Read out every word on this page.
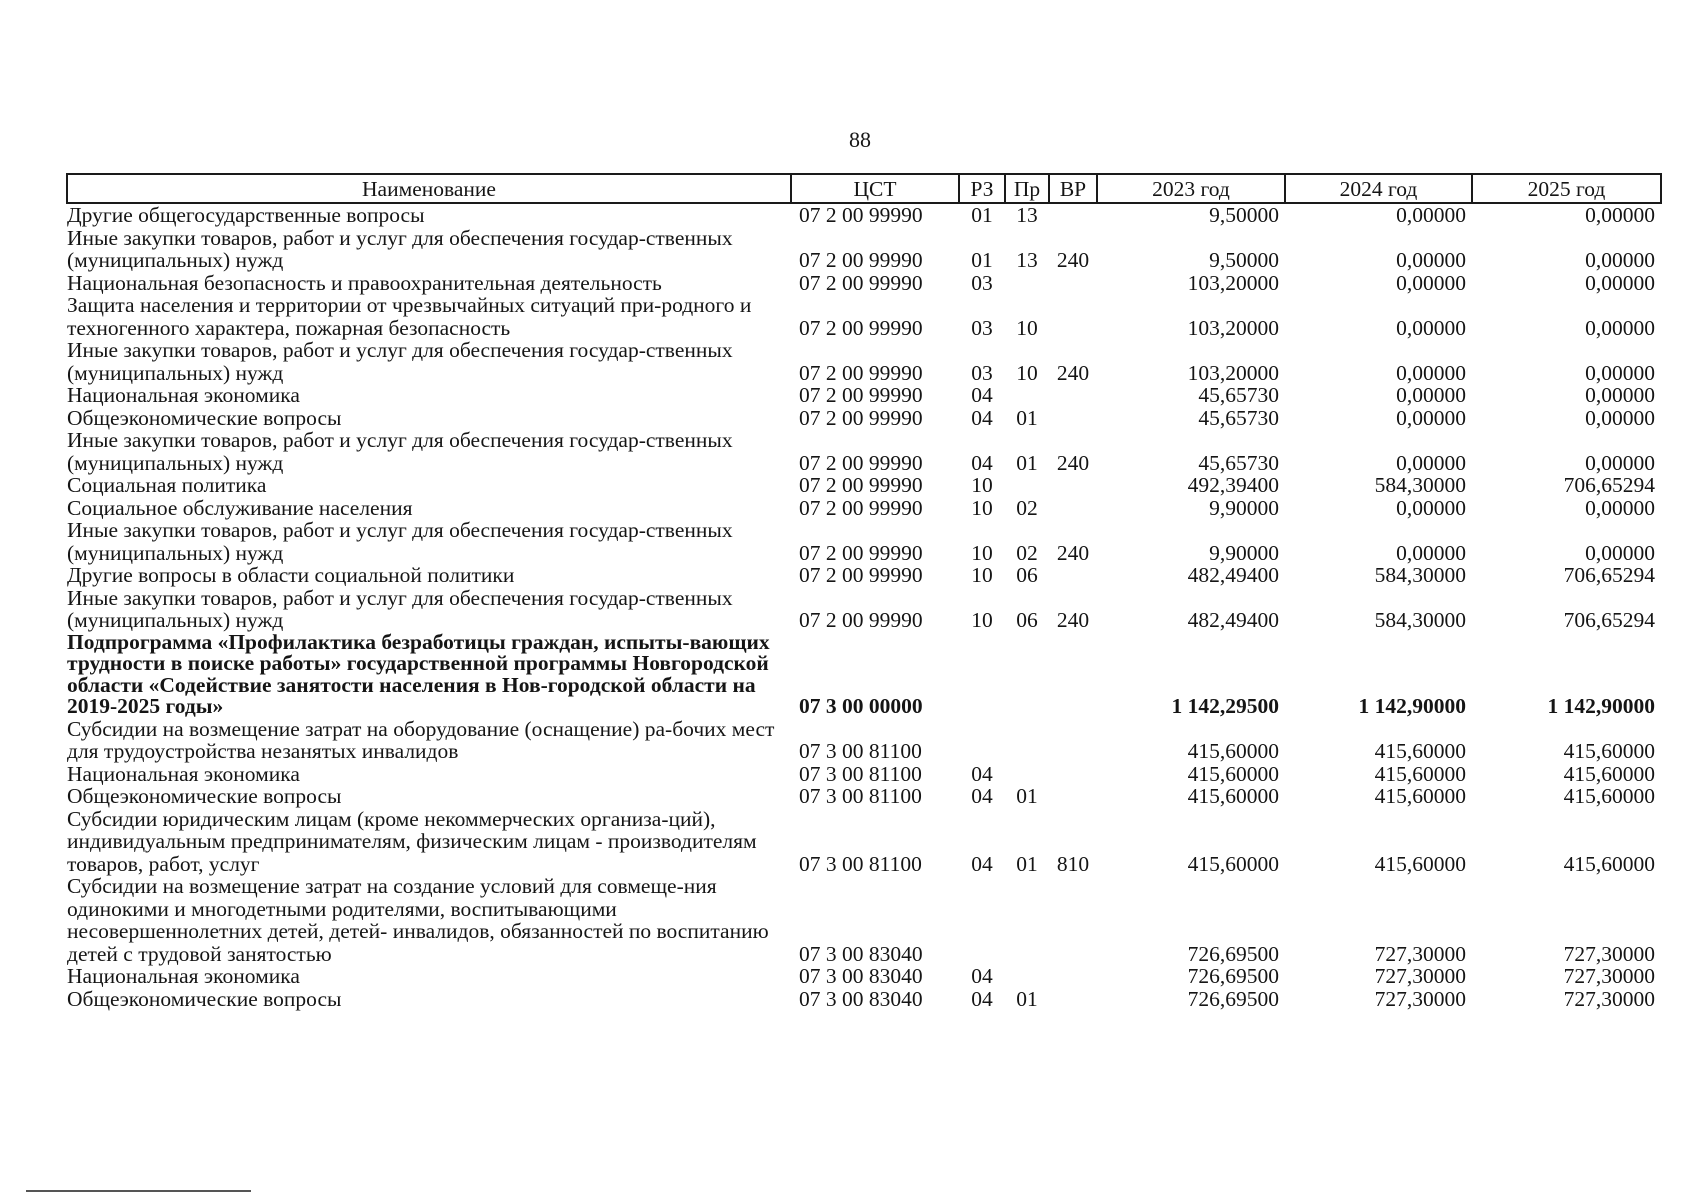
88
Наименование	ЦСТ	РЗ	Пр	ВР	2023 год	2024 год	2025 год
Другие общегосударственные вопросы	07 2 00 99990	01	13		9,50000	0,00000	0,00000
Иные закупки товаров, работ и услуг для обеспечения государ-ственных (муниципальных) нужд	07 2 00 99990	01	13	240	9,50000	0,00000	0,00000
Национальная безопасность и правоохранительная деятельность	07 2 00 99990	03			103,20000	0,00000	0,00000
Защита населения и территории от чрезвычайных ситуаций при-родного и техногенного характера, пожарная безопасность	07 2 00 99990	03	10		103,20000	0,00000	0,00000
Иные закупки товаров, работ и услуг для обеспечения государ-ственных (муниципальных) нужд	07 2 00 99990	03	10	240	103,20000	0,00000	0,00000
Национальная экономика	07 2 00 99990	04			45,65730	0,00000	0,00000
Общеэкономические вопросы	07 2 00 99990	04	01		45,65730	0,00000	0,00000
Иные закупки товаров, работ и услуг для обеспечения государ-ственных (муниципальных) нужд	07 2 00 99990	04	01	240	45,65730	0,00000	0,00000
Социальная политика	07 2 00 99990	10			492,39400	584,30000	706,65294
Социальное обслуживание населения	07 2 00 99990	10	02		9,90000	0,00000	0,00000
Иные закупки товаров, работ и услуг для обеспечения государ-ственных (муниципальных) нужд	07 2 00 99990	10	02	240	9,90000	0,00000	0,00000
Другие вопросы в области социальной политики	07 2 00 99990	10	06		482,49400	584,30000	706,65294
Иные закупки товаров, работ и услуг для обеспечения государ-ственных (муниципальных) нужд	07 2 00 99990	10	06	240	482,49400	584,30000	706,65294
Подпрограмма «Профилактика безработицы граждан, испыты-вающих трудности в поиске работы» государственной программы Новгородской области «Содействие занятости населения в Нов-городской области на 2019-2025 годы»	07 3 00 00000				1 142,29500	1 142,90000	1 142,90000
Субсидии на возмещение затрат на оборудование (оснащение) ра-бочих мест для трудоустройства незанятых инвалидов	07 3 00 81100				415,60000	415,60000	415,60000
Национальная экономика	07 3 00 81100	04			415,60000	415,60000	415,60000
Общеэкономические вопросы	07 3 00 81100	04	01		415,60000	415,60000	415,60000
Субсидии юридическим лицам (кроме некоммерческих организа-ций), индивидуальным предпринимателям, физическим лицам - производителям товаров, работ, услуг	07 3 00 81100	04	01	810	415,60000	415,60000	415,60000
Субсидии на возмещение затрат на создание условий для совмеще-ния одинокими и многодетными родителями, воспитывающими несовершеннолетних детей, детей- инвалидов, обязанностей по воспитанию детей с трудовой занятостью	07 3 00 83040				726,69500	727,30000	727,30000
Национальная экономика	07 3 00 83040	04			726,69500	727,30000	727,30000
Общеэкономические вопросы	07 3 00 83040	04	01		726,69500	727,30000	727,30000
